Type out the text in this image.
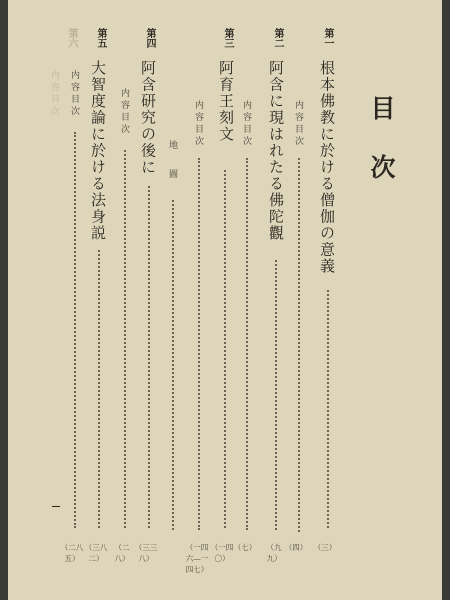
目次
第一
根本佛教に於ける僧伽の意義
（三）
内容目次
（四）
第二
阿含に現はれたる佛陀觀
（九九）
内容目次
（七）
第三
阿育王刻文
（一四〇）
内容目次
（一四六—一四七）
地圖
第四
阿含研究の後に
（三三八）
内容目次
（二八）
第五
大智度論に於ける法身説
（三八二）
内容目次
（二八五）
第六
内容目次
